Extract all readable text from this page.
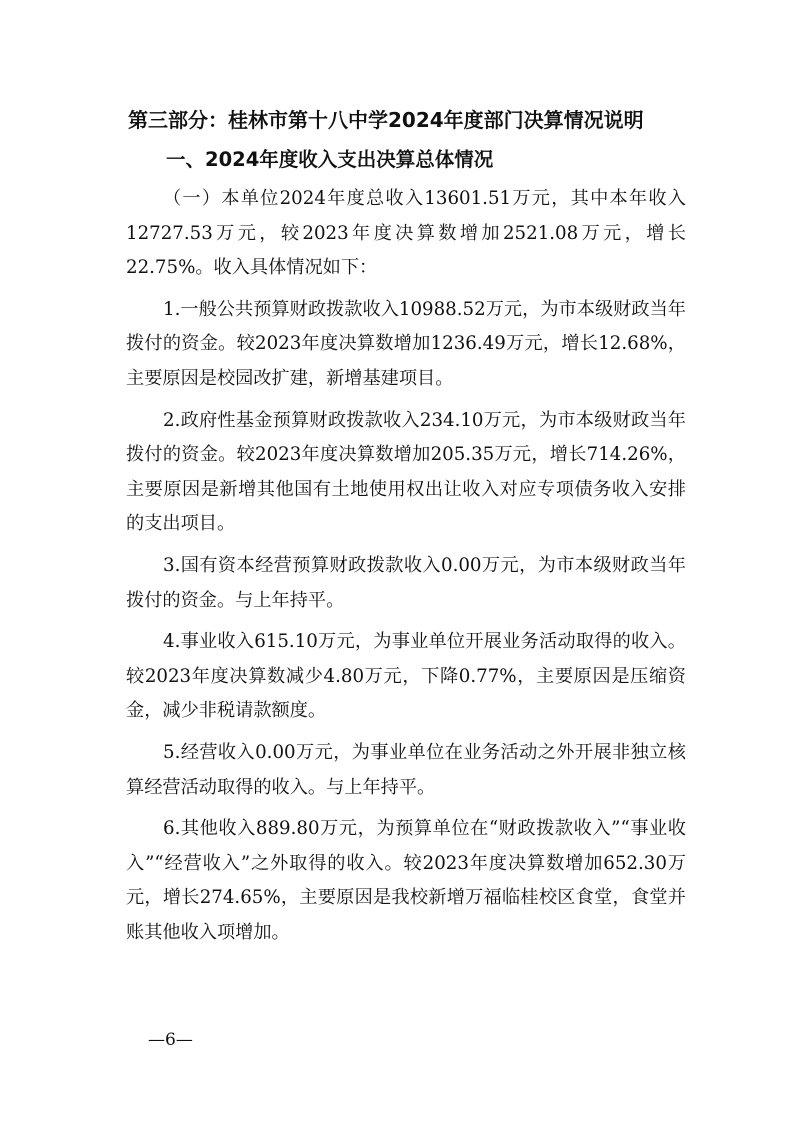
第三部分：桂林市第十八中学2024年度部门决算情况说明
一、2024年度收入支出决算总体情况

（一）本单位2024年度总收入13601.51万元，其中本年收入12727.53万元，较2023年度决算数增加2521.08万元，增长22.75%。收入具体情况如下：

1.一般公共预算财政拨款收入10988.52万元，为市本级财政当年拨付的资金。较2023年度决算数增加1236.49万元，增长12.68%，主要原因是校园改扩建，新增基建项目。

2.政府性基金预算财政拨款收入234.10万元，为市本级财政当年拨付的资金。较2023年度决算数增加205.35万元，增长714.26%，主要原因是新增其他国有土地使用权出让收入对应专项债务收入安排的支出项目。

3.国有资本经营预算财政拨款收入0.00万元，为市本级财政当年拨付的资金。与上年持平。

4.事业收入615.10万元，为事业单位开展业务活动取得的收入。较2023年度决算数减少4.80万元，下降0.77%，主要原因是压缩资金，减少非税请款额度。

5.经营收入0.00万元，为事业单位在业务活动之外开展非独立核算经营活动取得的收入。与上年持平。

6.其他收入889.80万元，为预算单位在“财政拨款收入”“事业收入”“经营收入”之外取得的收入。较2023年度决算数增加652.30万元，增长274.65%，主要原因是我校新增万福临桂校区食堂，食堂并账其他收入项增加。

—6—
